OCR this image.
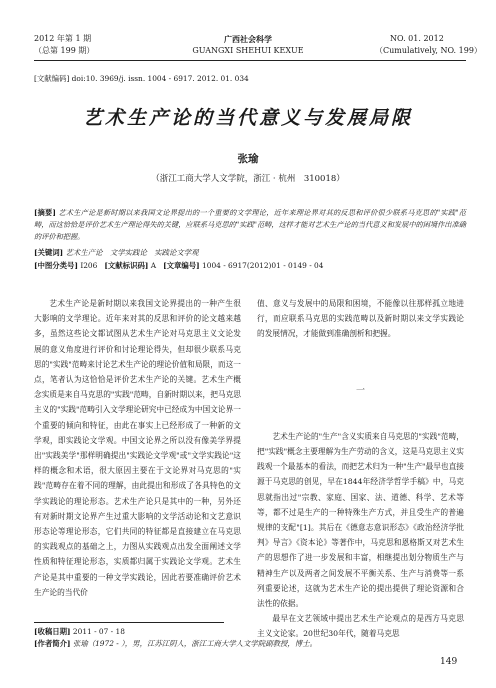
2012 年第 1 期
（总第 199 期）
广西社会科学
GUANGXI SHEHUI KEXUE
NO. 01. 2012
（Cumulatively, NO. 199）
[文献编码] doi:10. 3969/j. issn. 1004 - 6917. 2012. 01. 034
艺术生产论的当代意义与发展局限
张瑜
（浙江工商大学人文学院，浙江 · 杭州　310018）
[摘要] 艺术生产论是新时期以来我国文论界提出的一个重要的文学理论，近年来理论界对其的反思和评价很少联系马克思的"实践"范畴，而这恰恰是评价艺术生产理论得失的关键，应联系马克思的"实践"范畴，这样才能对艺术生产论的当代意义和发展中的困境作出准确的评价和把握。
[关键词] 艺术生产论　文学实践论　实践论文学观
[中图分类号] I206 [文献标识码] A [文章编号] 1004 - 6917(2012)01 - 0149 - 04

艺术生产论是新时期以来我国文论界提出的一种产生很大影响的文学理论。近年来对其的反思和评价的论文越来越多，虽然这些论文都试图从艺术生产论对马克思主义文论发展的意义角度进行评价和讨论理论得失，但却很少联系马克思的"实践"范畴来讨论艺术生产论的理论价值和局限，而这一点，笔者认为这恰恰是评价艺术生产论的关键。艺术生产概念实质是来自马克思的"实践"范畴，自新时期以来，把马克思主义的"实践"范畴引入文学理论研究中已经成为中国文论界一个重要的倾向和特征，由此在事实上已经形成了一种新的文学观，即实践论文学观。中国文论界之所以没有像美学界提出"实践美学"那样明确提出"实践论文学观"或"文学实践论"这样的概念和术语，很大原因主要在于文论界对马克思的"实践"范畴存在着不同的理解，由此提出和形成了各具特色的文学实践论的理论形态。艺术生产论只是其中的一种，另外还有对新时期文论界产生过重大影响的文学活动论和文艺意识形态论等理论形态，它们共同的特征都是直接建立在马克思的实践观点的基础之上，力图从实践观点出发全面阐述文学性质和特征理论形态，实质都归属于实践论文学观。艺术生产论是其中重要的一种文学实践论，因此若要准确评价艺术生产论的当代价

值、意义与发展中的局限和困境，不能像以往那样孤立地进行，而应联系马克思的实践范畴以及新时期以来文学实践论的发展情况，才能做到准确剖析和把握。

一

艺术生产论的"生产"含义实质来自马克思的"实践"范畴，把"实践"概念主要理解为生产劳动的含义，这是马克思主义实践观一个最基本的看法，而把艺术归为一种"生产"最早也直接源于马克思的创见，早在1844年经济学哲学手稿》中，马克思就指出过"宗教、家庭、国家、法、道德、科学、艺术等等，都不过是生产的一种特殊生产方式，并且受生产的普遍规律的支配"[1]。其后在《德意志意识形态》《政治经济学批判》导言》《资本论》等著作中，马克思和恩格斯又对艺术生产的思想作了进一步发展和丰富，相继提出划分物质生产与精神生产以及两者之间发展不平衡关系、生产与消费等一系列重要论述，这就为艺术生产论的提出提供了理论资源和合法性的依据。

最早在文艺领域中提出艺术生产论观点的是西方马克思主义文论家。20世纪30年代，随着马克思

[收稿日期] 2011 - 07 - 18
[作者简介] 张瑜（1972 - ），男，江苏江阴人，浙江工商大学人文学院副教授，博士。
149
